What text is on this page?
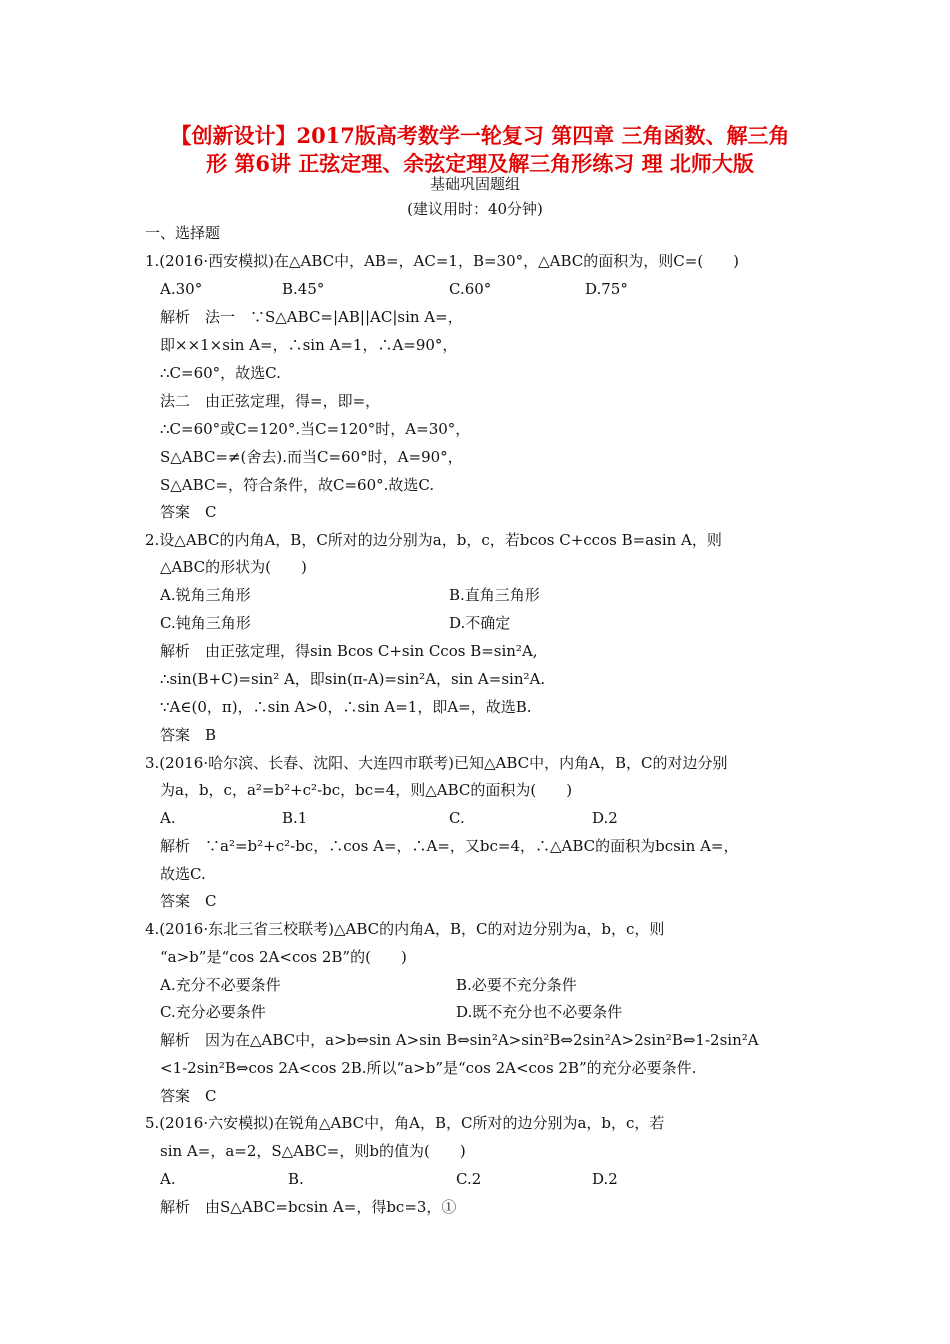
【创新设计】2017版高考数学一轮复习 第四章 三角函数、解三角
形 第6讲 正弦定理、余弦定理及解三角形练习 理 北师大版
基础巩固题组
(建议用时：40分钟)
一、选择题
1.(2016·西安模拟)在△ABC中，AB=，AC=1，B=30°，△ABC的面积为，则C=(　　)
A.30°	B.45°	C.60°	D.75°
解析　法一　∵S△ABC=|AB||AC|sin A=，
即××1×sin A=，∴sin A=1，∴A=90°，
∴C=60°，故选C.
法二　由正弦定理，得=，即=，
∴C=60°或C=120°.当C=120°时，A=30°，
S△ABC=≠(舍去).而当C=60°时，A=90°，
S△ABC=，符合条件，故C=60°.故选C.
答案　C
2.设△ABC的内角A，B，C所对的边分别为a，b，c，若bcos C+ccos B=asin A，则
△ABC的形状为(　　)
A.锐角三角形	B.直角三角形
C.钝角三角形	D.不确定
解析　由正弦定理，得sin Bcos C+sin Ccos B=sin²A,
∴sin(B+C)=sin² A，即sin(π-A)=sin²A，sin A=sin²A.
∵A∈(0，π)，∴sin A>0，∴sin A=1，即A=，故选B.
答案　B
3.(2016·哈尔滨、长春、沈阳、大连四市联考)已知△ABC中，内角A，B，C的对边分别
为a，b，c，a²=b²+c²-bc，bc=4，则△ABC的面积为(　　)
A.	B.1	C.	D.2
解析　∵a²=b²+c²-bc，∴cos A=，∴A=，又bc=4，∴△ABC的面积为bcsin A=，
故选C.
答案　C
4.(2016·东北三省三校联考)△ABC的内角A，B，C的对边分别为a，b，c，则
“a>b”是“cos 2A<cos 2B”的(　　)
A.充分不必要条件	B.必要不充分条件
C.充分必要条件	D.既不充分也不必要条件
解析　因为在△ABC中，a>b⇔sin A>sin B⇔sin²A>sin²B⇔2sin²A>2sin²B⇔1-2sin²A
<1-2sin²B⇔cos 2A<cos 2B.所以“a>b”是“cos 2A<cos 2B”的充分必要条件.
答案　C
5.(2016·六安模拟)在锐角△ABC中，角A，B，C所对的边分别为a，b，c，若
sin A=，a=2，S△ABC=，则b的值为(　　)
A.	B.	C.2	D.2
解析　由S△ABC=bcsin A=，得bc=3，①
